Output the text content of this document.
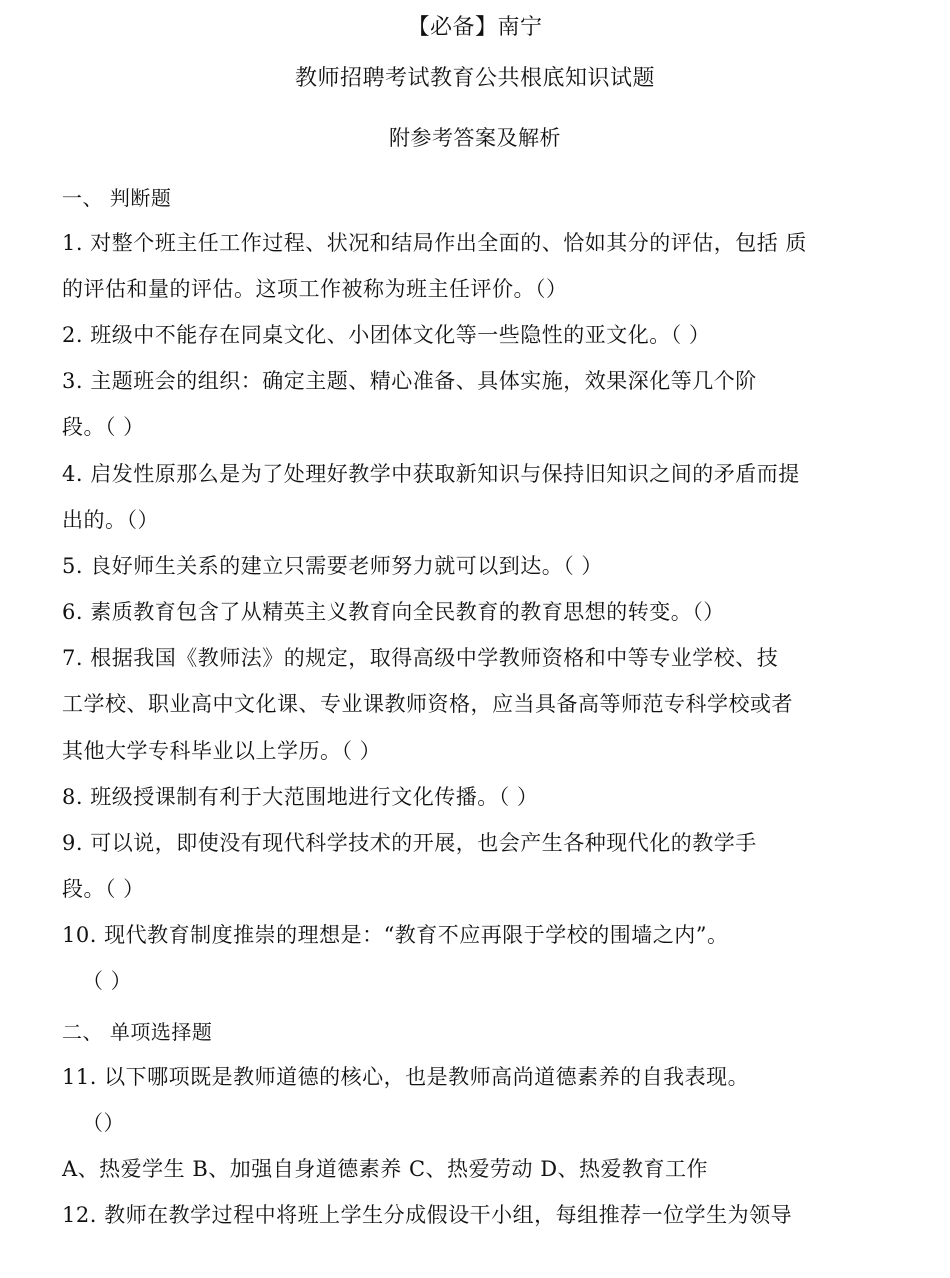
【必备】南宁
教师招聘考试教育公共根底知识试题
附参考答案及解析
一、 判断题
1. 对整个班主任工作过程、状况和结局作出全面的、恰如其分的评估，包括 质
的评估和量的评估。这项工作被称为班主任评价。（）
2. 班级中不能存在同桌文化、小团体文化等一些隐性的亚文化。（ ）
3. 主题班会的组织：确定主题、精心准备、具体实施，效果深化等几个阶
段。（ ）
4. 启发性原那么是为了处理好教学中获取新知识与保持旧知识之间的矛盾而提
出的。（）
5. 良好师生关系的建立只需要老师努力就可以到达。（ ）
6. 素质教育包含了从精英主义教育向全民教育的教育思想的转变。（）
7. 根据我国《教师法》的规定，取得高级中学教师资格和中等专业学校、技
工学校、职业高中文化课、专业课教师资格，应当具备高等师范专科学校或者
其他大学专科毕业以上学历。（ ）
8. 班级授课制有利于大范围地进行文化传播。（ ）
9. 可以说，即使没有现代科学技术的开展，也会产生各种现代化的教学手
段。（ ）
10. 现代教育制度推崇的理想是：“教育不应再限于学校的围墙之内”。
（ ）
二、 单项选择题
11. 以下哪项既是教师道德的核心，也是教师高尚道德素养的自我表现。
（）
A、热爱学生 B、加强自身道德素养 C、热爱劳动 D、热爱教育工作
12. 教师在教学过程中将班上学生分成假设干小组，每组推荐一位学生为领导
